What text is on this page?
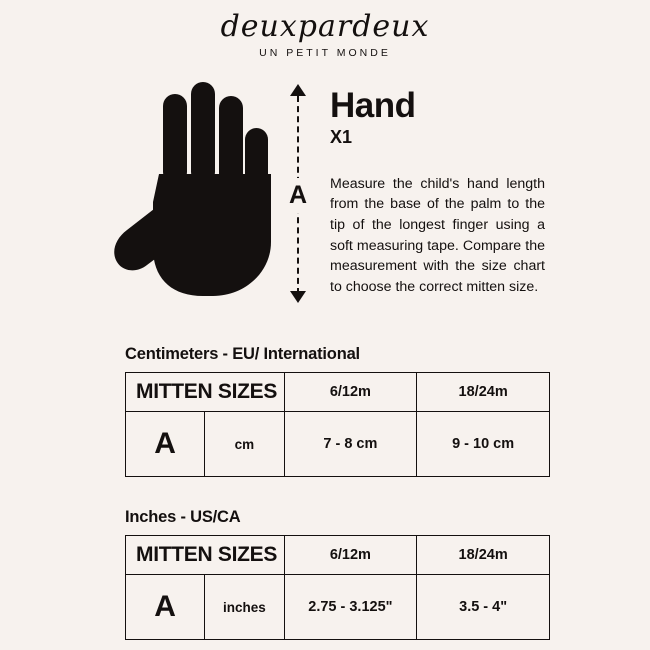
deuxpardeux
UN PETIT MONDE
A
Hand
X1
Measure the child's hand length from the base of the palm to the tip of the longest finger using a soft measuring tape. Compare the measurement with the size chart to choose the correct mitten size.
Centimeters - EU/ International
MITTEN SIZES		6/12m	18/24m
A	cm	7 - 8 cm	9 - 10 cm
Inches - US/CA
MITTEN SIZES		6/12m	18/24m
A	inches	2.75 - 3.125"	3.5 - 4"
